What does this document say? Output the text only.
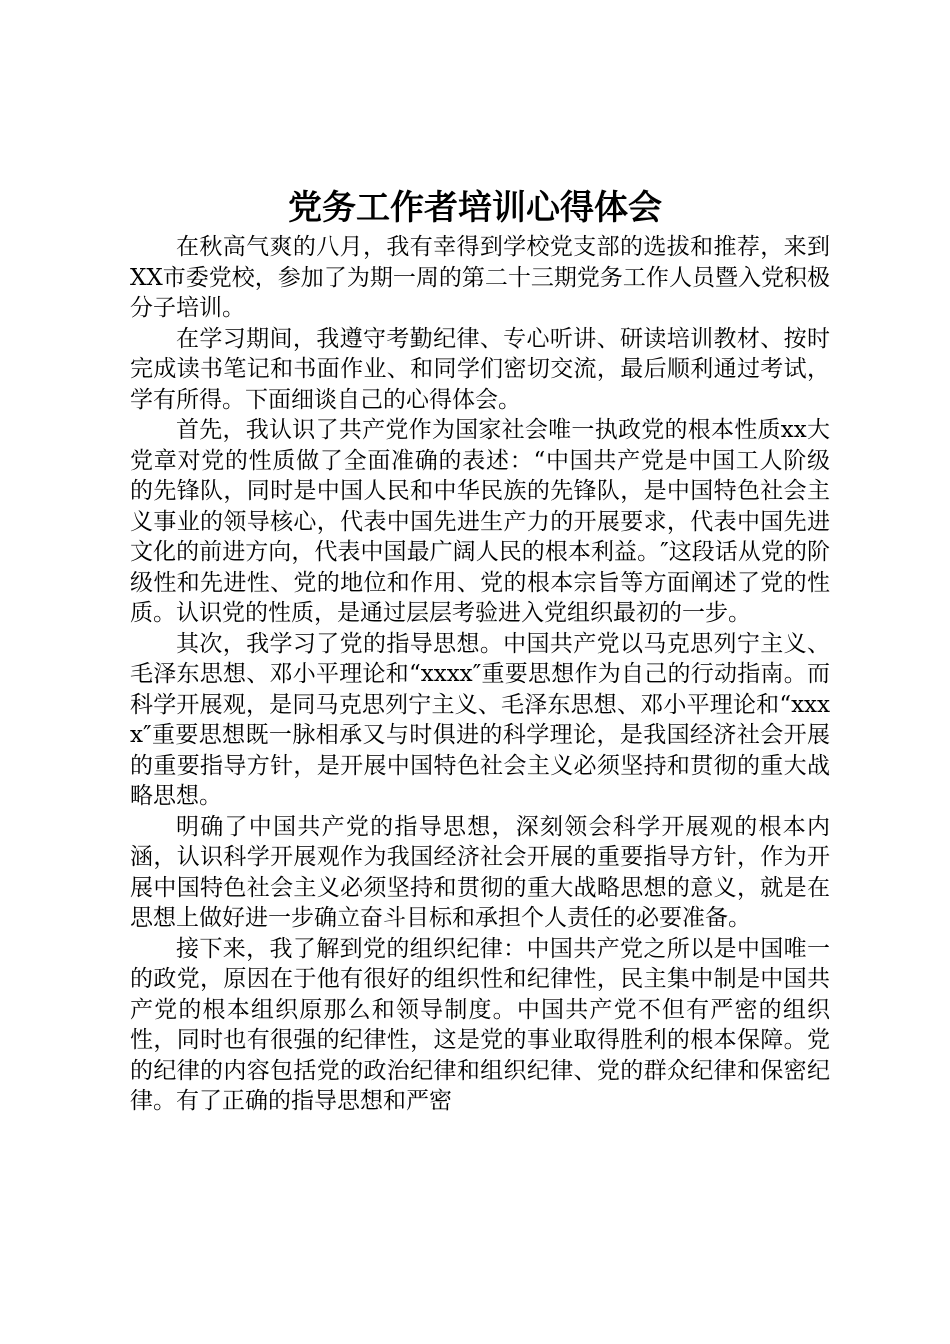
党务工作者培训心得体会

在秋高气爽的八月，我有幸得到学校党支部的选拔和推荐，来到XX市委党校，参加了为期一周的第二十三期党务工作人员暨入党积极分子培训。

在学习期间，我遵守考勤纪律、专心听讲、研读培训教材、按时完成读书笔记和书面作业、和同学们密切交流，最后顺利通过考试，学有所得。下面细谈自己的心得体会。

首先，我认识了共产党作为国家社会唯一执政党的根本性质xx大党章对党的性质做了全面准确的表述：“中国共产党是中国工人阶级的先锋队，同时是中国人民和中华民族的先锋队，是中国特色社会主义事业的领导核心，代表中国先进生产力的开展要求，代表中国先进文化的前进方向，代表中国最广阔人民的根本利益。″这段话从党的阶级性和先进性、党的地位和作用、党的根本宗旨等方面阐述了党的性质。认识党的性质，是通过层层考验进入党组织最初的一步。

其次，我学习了党的指导思想。中国共产党以马克思列宁主义、毛泽东思想、邓小平理论和“xxxx″重要思想作为自己的行动指南。而科学开展观，是同马克思列宁主义、毛泽东思想、邓小平理论和“xxxx″重要思想既一脉相承又与时俱进的科学理论，是我国经济社会开展的重要指导方针，是开展中国特色社会主义必须坚持和贯彻的重大战略思想。

明确了中国共产党的指导思想，深刻领会科学开展观的根本内涵，认识科学开展观作为我国经济社会开展的重要指导方针，作为开展中国特色社会主义必须坚持和贯彻的重大战略思想的意义，就是在思想上做好进一步确立奋斗目标和承担个人责任的必要准备。

接下来，我了解到党的组织纪律：中国共产党之所以是中国唯一的政党，原因在于他有很好的组织性和纪律性，民主集中制是中国共产党的根本组织原那么和领导制度。中国共产党不但有严密的组织性，同时也有很强的纪律性，这是党的事业取得胜利的根本保障。党的纪律的内容包括党的政治纪律和组织纪律、党的群众纪律和保密纪律。有了正确的指导思想和严密
